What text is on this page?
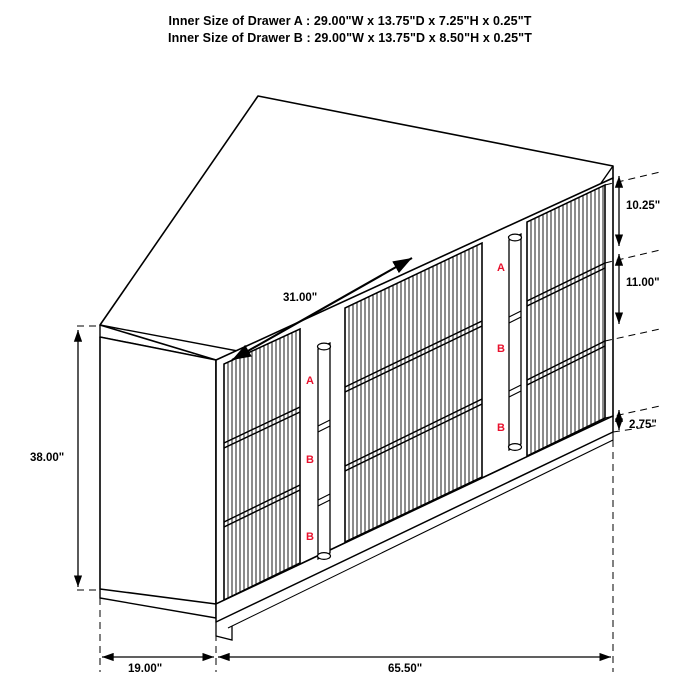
Inner Size of Drawer A : 29.00"W x 13.75"D x 7.25"H x 0.25"T
Inner Size of Drawer B : 29.00"W x 13.75"D x 8.50"H x 0.25"T
38.00"
19.00"	65.50"
31.00"
10.25"
11.00"
2.75"
A
B
B
A
B
B
